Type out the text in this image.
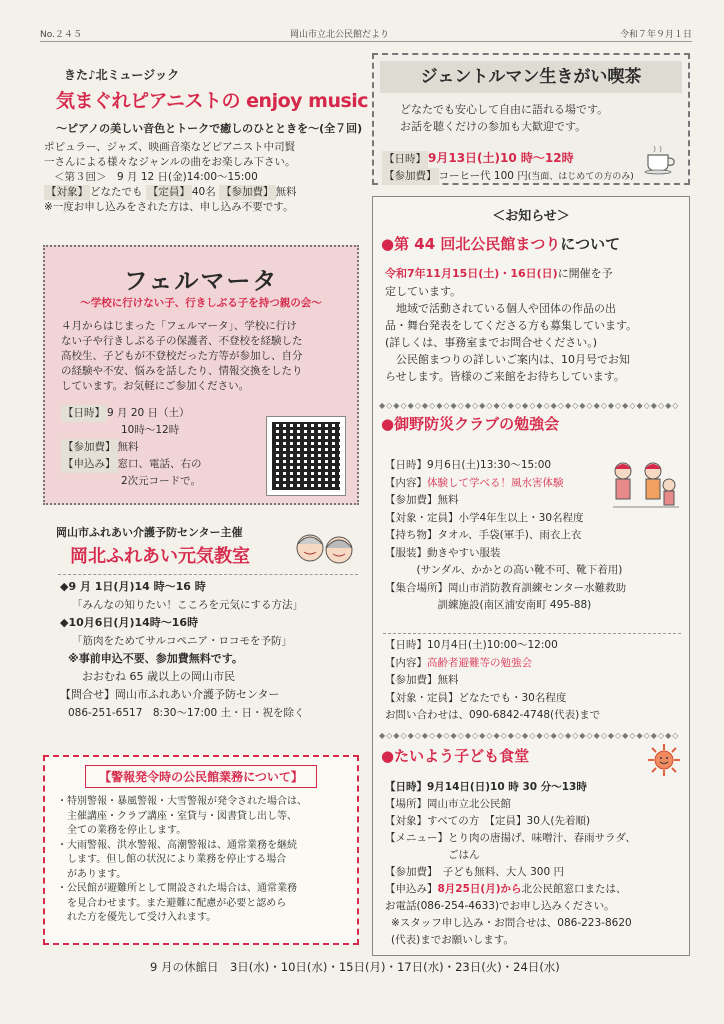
No.２４５	岡山市立北公民館だより	令和７年９月１日
きた♪北ミュージック
気まぐれピアニストの enjoy music
～ピアノの美しい音色とトークで癒しのひとときを～(全７回)
ポピュラー、ジャズ、映画音楽などピアニスト中司賢
一さんによる様々なジャンルの曲をお楽しみ下さい。
＜第３回＞　9 月 12 日(金)14:00～15:00
【対象】 どなたでも 【定員】 40名 【参加費】 無料
※一度お申し込みをされた方は、申し込み不要です。
フェルマータ
～学校に行けない子、行きしぶる子を持つ親の会～
４月からはじまった「フェルマータ」、学校に行け
ない子や行きしぶる子の保護者、不登校を経験した
高校生、子どもが不登校だった方等が参加し、自分
の経験や不安、悩みを話したり、情報交換をしたり
しています。お気軽にご参加ください。
【日時】 9 月 20 日（土）
10時～12時
【参加費】 無料
【申込み】 窓口、電話、右の
2次元コードで。
岡山市ふれあい介護予防センター主催
岡北ふれあい元気教室
◆9 月 1日(月)14 時～16 時
「みんなの知りたい！こころを元気にする方法」
◆10月6日(月)14時～16時
「筋肉をためてサルコペニア・ロコモを予防」
※事前申込不要、参加費無料です。
おおむね 65 歳以上の岡山市民
【問合せ】岡山市ふれあい介護予防センター
086-251-6517　8:30～17:00 土・日・祝を除く
【警報発令時の公民館業務について】
・特別警報・暴風警報・大雪警報が発令された場合は、
　主催講座・クラブ講座・室貸与・図書貸し出し等、
　全ての業務を停止します。
・大雨警報、洪水警報、高潮警報は、通常業務を継続
　します。但し館の状況により業務を停止する場合
　があります。
・公民館が避難所として開設された場合は、通常業務
　を見合わせます。また避難に配慮が必要と認めら
　れた方を優先して受け入れます。
ジェントルマン生きがい喫茶
どなたでも安心して自由に語れる場です。
お話を聴くだけの参加も大歓迎です。
【日時】 9月13日(土)10 時～12時
【参加費】 コーヒー代 100 円(当面、はじめての方のみ)
＜お知らせ＞
●第 44 回北公民館まつりについて
令和7年11月15日(土)・16日(日)に開催を予
定しています。
　地域で活動されている個人や団体の作品の出
品・舞台発表をしてくださる方も募集しています。
(詳しくは、事務室までお問合せください。)
　公民館まつりの詳しいご案内は、10月号でお知
らせします。皆様のご来館をお待ちしています。
◆◇◆◇◆◇◆◇◆◇◆◇◆◇◆◇◆◇◆◇◆◇◆◇◆◇◆◇◆◇◆◇◆◇◆◇◆◇◆◇◆◇
●御野防災クラブの勉強会
【日時】9月6日(土)13:30～15:00
【内容】体験して学べる！風水害体験
【参加費】無料
【対象・定員】小学4年生以上・30名程度
【持ち物】タオル、手袋(軍手)、雨衣上衣
【服装】動きやすい服装
　　　(サンダル、かかとの高い靴不可、靴下着用)
【集合場所】岡山市消防教育訓練センター水難救助
　　　　　訓練施設(南区浦安南町 495-88)
【日時】10月4日(土)10:00～12:00
【内容】高齢者避難等の勉強会
【参加費】無料
【対象・定員】どなたでも・30名程度
お問い合わせは、090-6842-4748(代表)まで
◆◇◆◇◆◇◆◇◆◇◆◇◆◇◆◇◆◇◆◇◆◇◆◇◆◇◆◇◆◇◆◇◆◇◆◇◆◇◆◇◆◇
●たいよう子ども食堂
【日時】9月14日(日)10 時 30 分～13時
【場所】岡山市立北公民館
【対象】すべての方　【定員】30人(先着順)
【メニュー】とり肉の唐揚げ、味噌汁、春雨サラダ、
　　　　　　ごはん
【参加費】　子ども無料、大人 300 円
【申込み】8月25日(月)から北公民館窓口または、
お電話(086-254-4633)でお申し込みください。
※スタッフ申し込み・お問合せは、086-223-8620
(代表)までお願いします。
9 月の休館日　3日(水)・10日(水)・15日(月)・17日(水)・23日(火)・24日(水)
